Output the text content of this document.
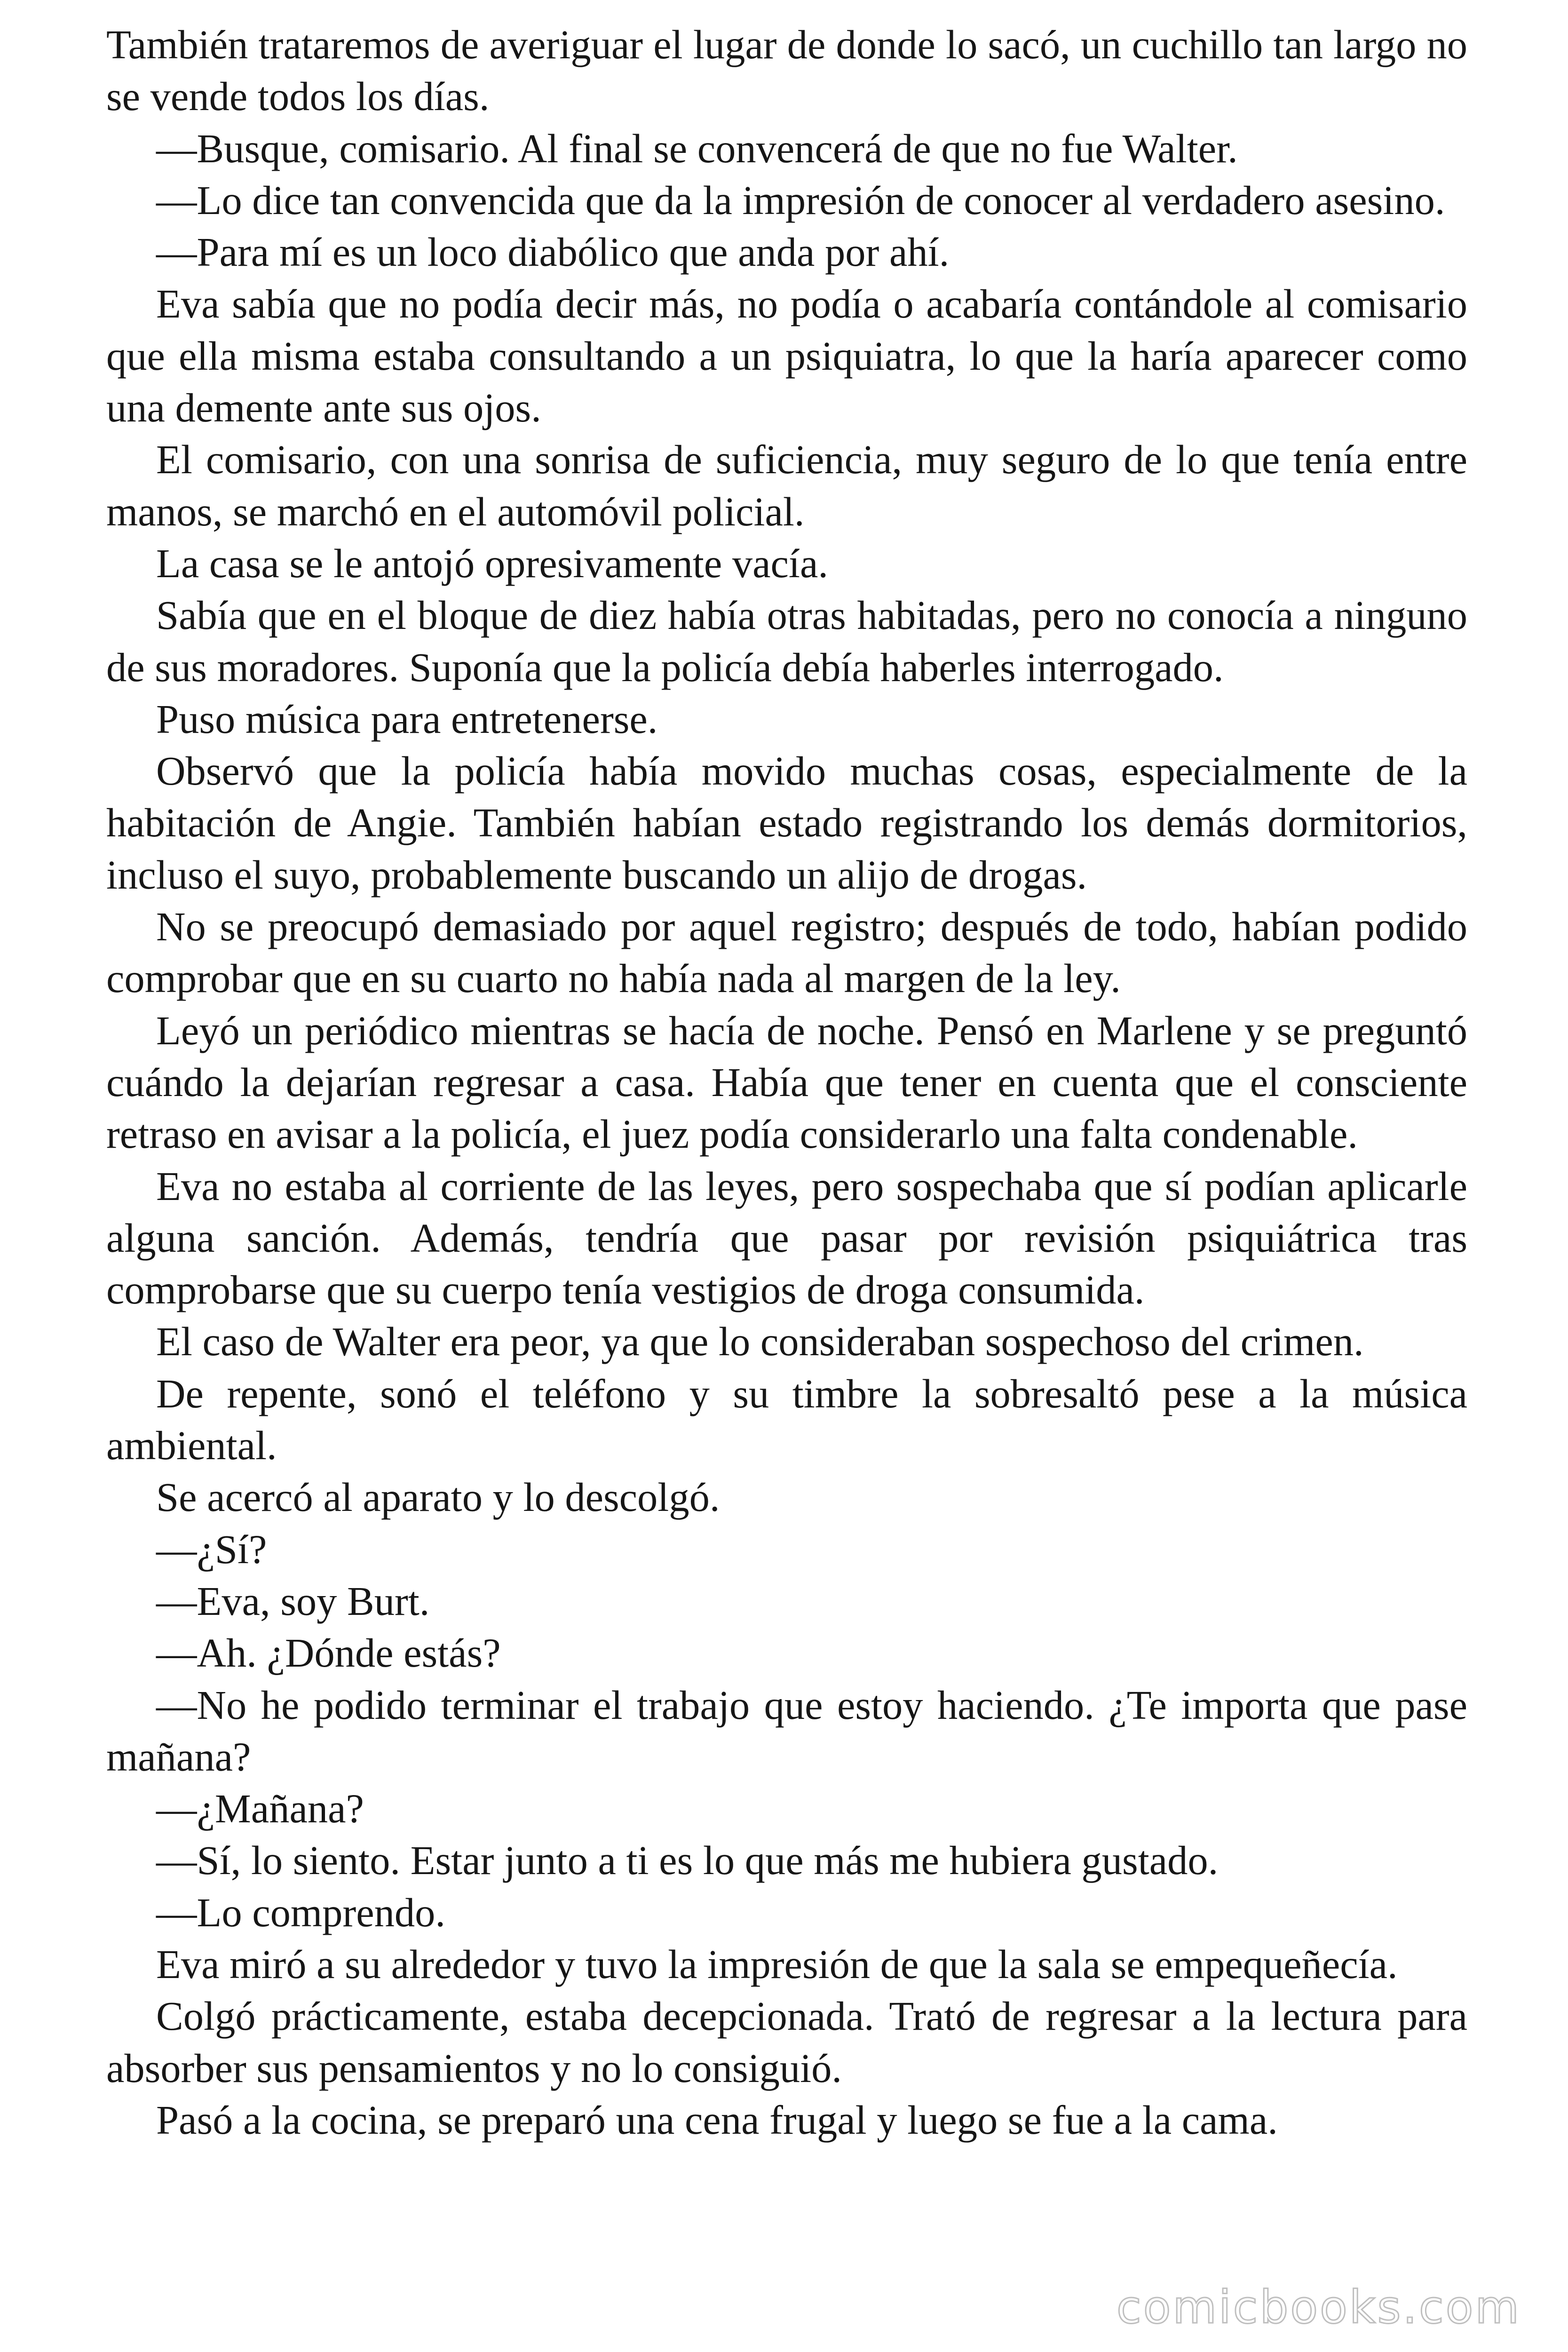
También trataremos de averiguar el lugar de donde lo sacó, un cuchillo tan largo no se vende todos los días.

—Busque, comisario. Al final se convencerá de que no fue Walter.

—Lo dice tan convencida que da la impresión de conocer al verdadero asesino.

—Para mí es un loco diabólico que anda por ahí.

Eva sabía que no podía decir más, no podía o acabaría contándole al comisario que ella misma estaba consultando a un psiquiatra, lo que la haría aparecer como una demente ante sus ojos.

El comisario, con una sonrisa de suficiencia, muy seguro de lo que tenía entre manos, se marchó en el automóvil policial.

La casa se le antojó opresivamente vacía.

Sabía que en el bloque de diez había otras habitadas, pero no conocía a ninguno de sus moradores. Suponía que la policía debía haberles interrogado.

Puso música para entretenerse.

Observó que la policía había movido muchas cosas, especialmente de la habitación de Angie. También habían estado registrando los demás dormitorios, incluso el suyo, probablemente buscando un alijo de drogas.

No se preocupó demasiado por aquel registro; después de todo, habían podido comprobar que en su cuarto no había nada al margen de la ley.

Leyó un periódico mientras se hacía de noche. Pensó en Marlene y se preguntó cuándo la dejarían regresar a casa. Había que tener en cuenta que el consciente retraso en avisar a la policía, el juez podía considerarlo una falta condenable.

Eva no estaba al corriente de las leyes, pero sospechaba que sí podían aplicarle alguna sanción. Además, tendría que pasar por revisión psiquiátrica tras comprobarse que su cuerpo tenía vestigios de droga consumida.

El caso de Walter era peor, ya que lo consideraban sospechoso del crimen.

De repente, sonó el teléfono y su timbre la sobresaltó pese a la música ambiental.

Se acercó al aparato y lo descolgó.

—¿Sí?

—Eva, soy Burt.

—Ah. ¿Dónde estás?

—No he podido terminar el trabajo que estoy haciendo. ¿Te importa que pase mañana?

—¿Mañana?

—Sí, lo siento. Estar junto a ti es lo que más me hubiera gustado.

—Lo comprendo.

Eva miró a su alrededor y tuvo la impresión de que la sala se empequeñecía.

Colgó prácticamente, estaba decepcionada. Trató de regresar a la lectura para absorber sus pensamientos y no lo consiguió.

Pasó a la cocina, se preparó una cena frugal y luego se fue a la cama.

comicbooks.com
